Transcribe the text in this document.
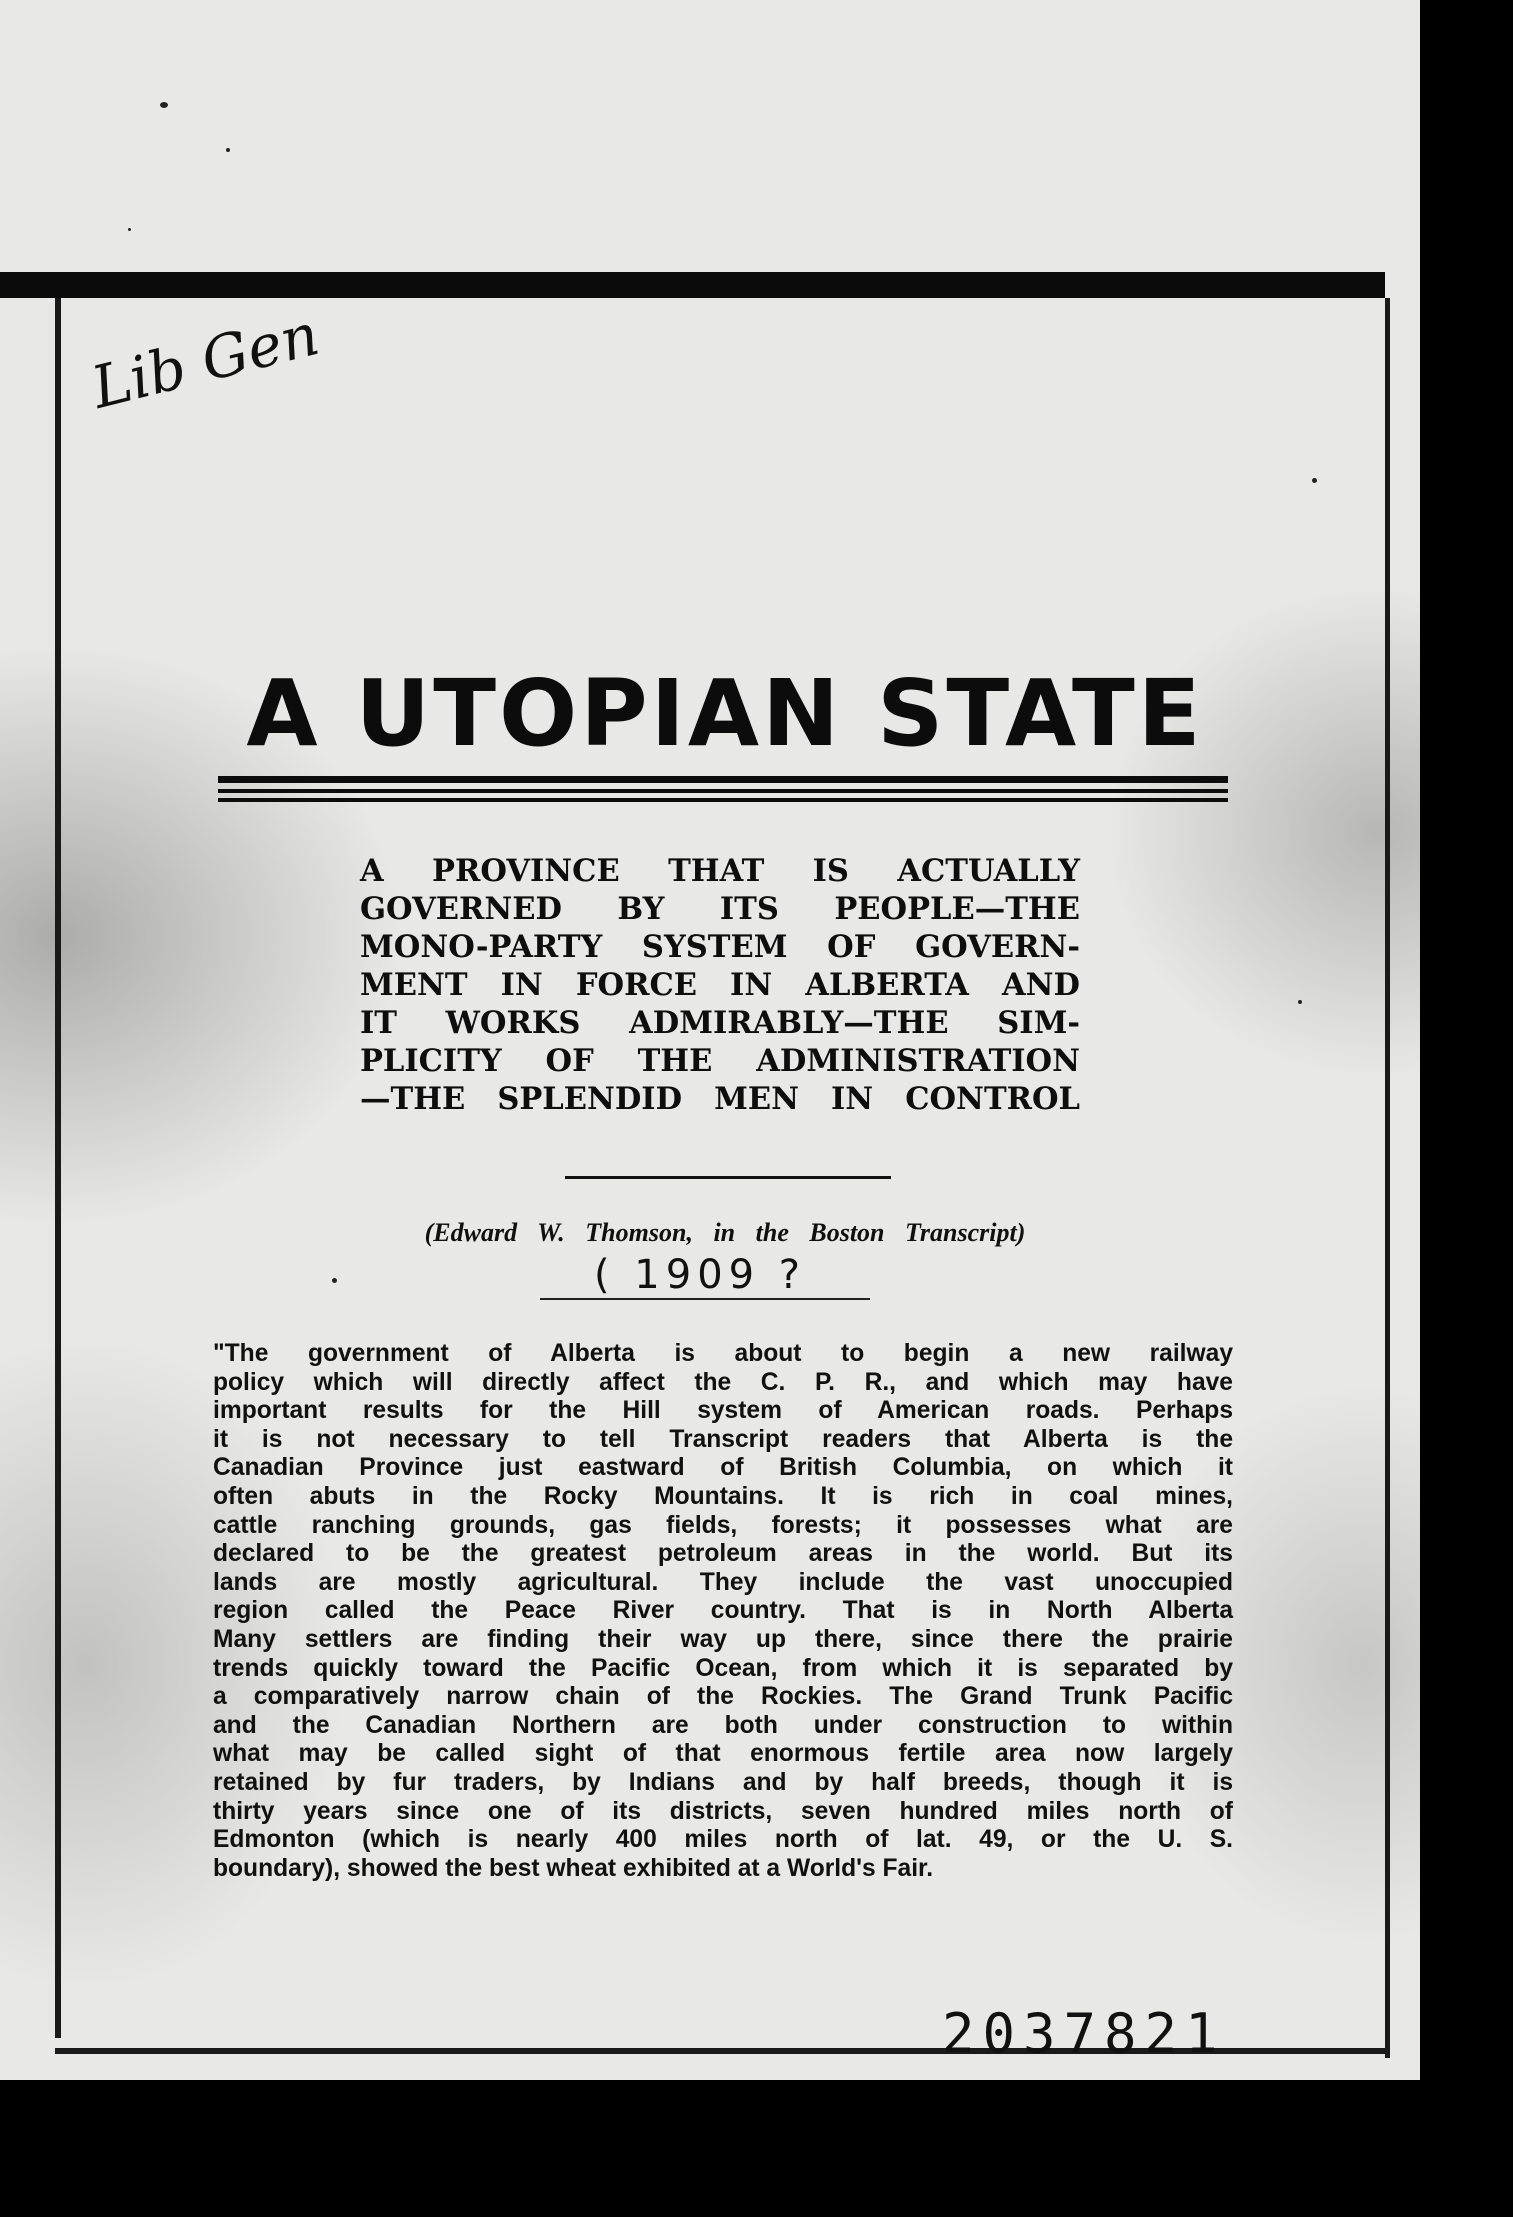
Lib Gen
A UTOPIAN STATE
A PROVINCE THAT IS ACTUALLY
GOVERNED BY ITS PEOPLE—THE
MONO-PARTY SYSTEM OF GOVERN-
MENT IN FORCE IN ALBERTA AND
IT WORKS ADMIRABLY—THE SIM-
PLICITY OF THE ADMINISTRATION
—THE SPLENDID MEN IN CONTROL
(Edward W. Thomson, in the Boston Transcript)
( 1909 ?
"The government of Alberta is about to begin a new railway
policy which will directly affect the C. P. R., and which may have
important results for the Hill system of American roads. Perhaps
it is not necessary to tell Transcript readers that Alberta is the
Canadian Province just eastward of British Columbia, on which it
often abuts in the Rocky Mountains. It is rich in coal mines,
cattle ranching grounds, gas fields, forests; it possesses what are
declared to be the greatest petroleum areas in the world. But its
lands are mostly agricultural. They include the vast unoccupied
region called the Peace River country. That is in North Alberta
Many settlers are finding their way up there, since there the prairie
trends quickly toward the Pacific Ocean, from which it is separated by
a comparatively narrow chain of the Rockies. The Grand Trunk Pacific
and the Canadian Northern are both under construction to within
what may be called sight of that enormous fertile area now largely
retained by fur traders, by Indians and by half breeds, though it is
thirty years since one of its districts, seven hundred miles north of
Edmonton (which is nearly 400 miles north of lat. 49, or the U. S.
boundary), showed the best wheat exhibited at a World's Fair.
2037821
